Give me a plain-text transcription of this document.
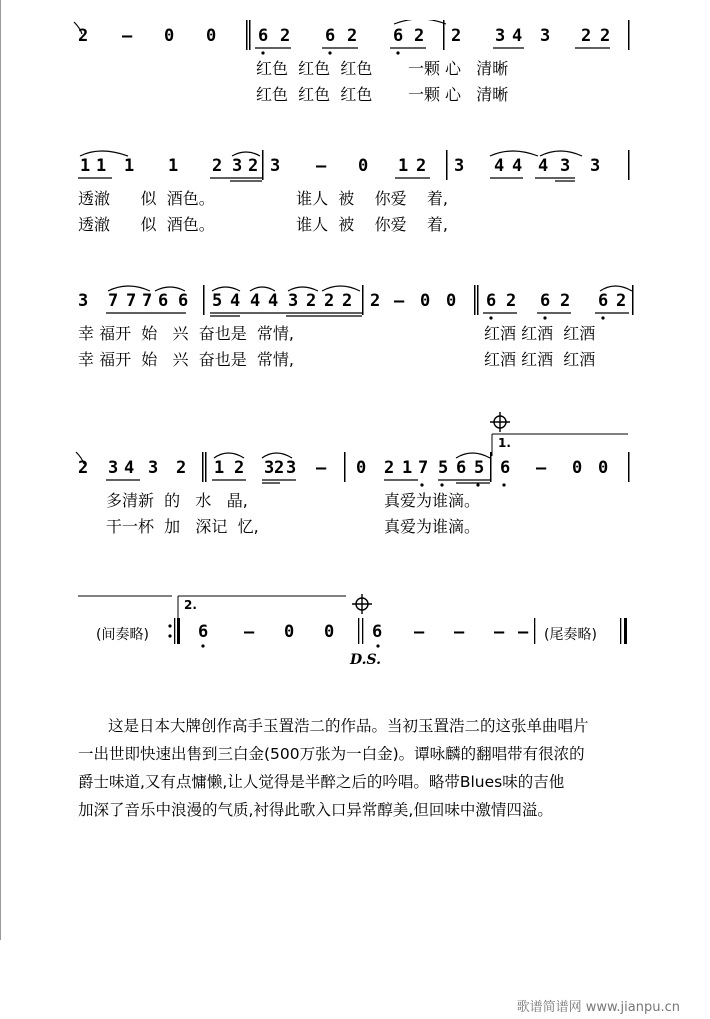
2 – 0 0 6 2 6 2 6 2 2 3 4 3 2 2
红色  红色  红色       一颗 心   清晰
红色  红色  红色       一颗 心   清晰
1 1 1 1 2 3 2 3 – 0 1 2 3 4 4 4 3 3
透澈      似  酒色。                谁人  被    你爱    着,
透澈      似  酒色。                谁人  被    你爱    着,
3 7 7 7 6 6 5 4 4 4 3 2 2 2 2 – 0 0 6 2 6 2 6 2
幸 福开  始   兴  奋也是  常情,	红酒 红酒  红酒
幸 福开  始   兴  奋也是  常情,	红酒 红酒  红酒
1.
2 3 4 3 2 1 2 3 2 3 – 0 2 1 7 5 6 5 6 – 0 0
多清新  的   水   晶,	真爱为谁滴。
干一杯  加   深记  忆,	真爱为谁滴。
2.
(间奏略)	6 – 0 0 6 – – – – (尾奏略)
D.S.
这是日本大牌创作高手玉置浩二的作品。当初玉置浩二的这张单曲唱片
一出世即快速出售到三白金(500万张为一白金)。谭咏麟的翻唱带有很浓的
爵士味道,又有点慵懒,让人觉得是半醉之后的吟唱。略带Blues味的吉他
加深了音乐中浪漫的气质,衬得此歌入口异常醇美,但回味中激情四溢。
歌谱简谱网 www.jianpu.cn
